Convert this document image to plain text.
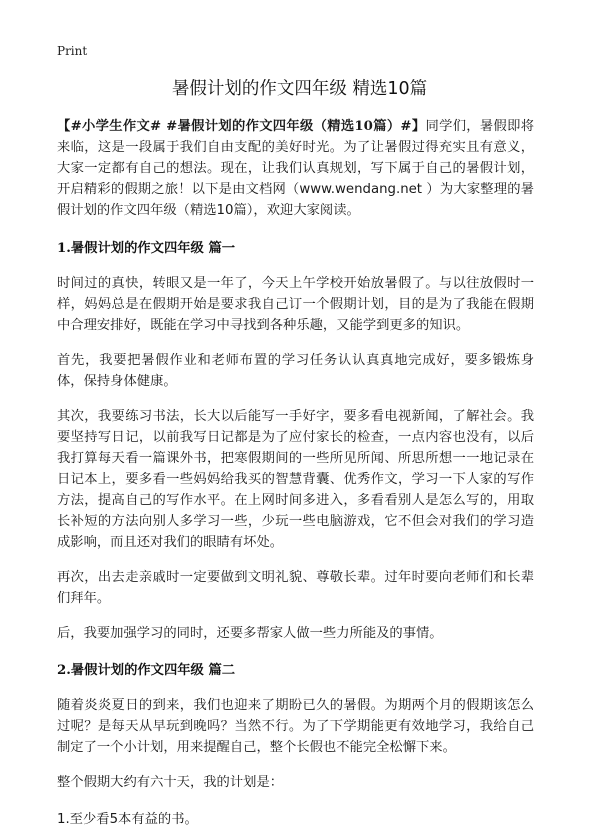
Print
暑假计划的作文四年级 精选10篇

【#小学生作文# #暑假计划的作文四年级（精选10篇）#】同学们，暑假即将来临，这是一段属于我们自由支配的美好时光。为了让暑假过得充实且有意义，大家一定都有自己的想法。现在，让我们认真规划，写下属于自己的暑假计划，开启精彩的假期之旅！以下是由文档网（www.wendang.net ）为大家整理的暑假计划的作文四年级（精选10篇），欢迎大家阅读。

1.暑假计划的作文四年级 篇一

时间过的真快，转眼又是一年了，今天上午学校开始放暑假了。与以往放假时一样，妈妈总是在假期开始是要求我自己订一个假期计划，目的是为了我能在假期中合理安排好，既能在学习中寻找到各种乐趣，又能学到更多的知识。

首先，我要把暑假作业和老师布置的学习任务认认真真地完成好，要多锻炼身体，保持身体健康。

其次，我要练习书法，长大以后能写一手好字，要多看电视新闻，了解社会。我要坚持写日记，以前我写日记都是为了应付家长的检查，一点内容也没有，以后我打算每天看一篇课外书，把寒假期间的一些所见所闻、所思所想一一地记录在日记本上，要多看一些妈妈给我买的智慧背囊、优秀作文，学习一下人家的写作方法，提高自己的写作水平。在上网时间多进入，多看看别人是怎么写的，用取长补短的方法向别人多学习一些，少玩一些电脑游戏，它不但会对我们的学习造成影响，而且还对我们的眼睛有坏处。

再次，出去走亲戚时一定要做到文明礼貌、尊敬长辈。过年时要向老师们和长辈们拜年。

后，我要加强学习的同时，还要多帮家人做一些力所能及的事情。

2.暑假计划的作文四年级 篇二

随着炎炎夏日的到来，我们也迎来了期盼已久的暑假。为期两个月的假期该怎么过呢？是每天从早玩到晚吗？当然不行。为了下学期能更有效地学习，我给自己制定了一个小计划，用来提醒自己，整个长假也不能完全松懈下来。

整个假期大约有六十天，我的计划是：

1.至少看5本有益的书。
